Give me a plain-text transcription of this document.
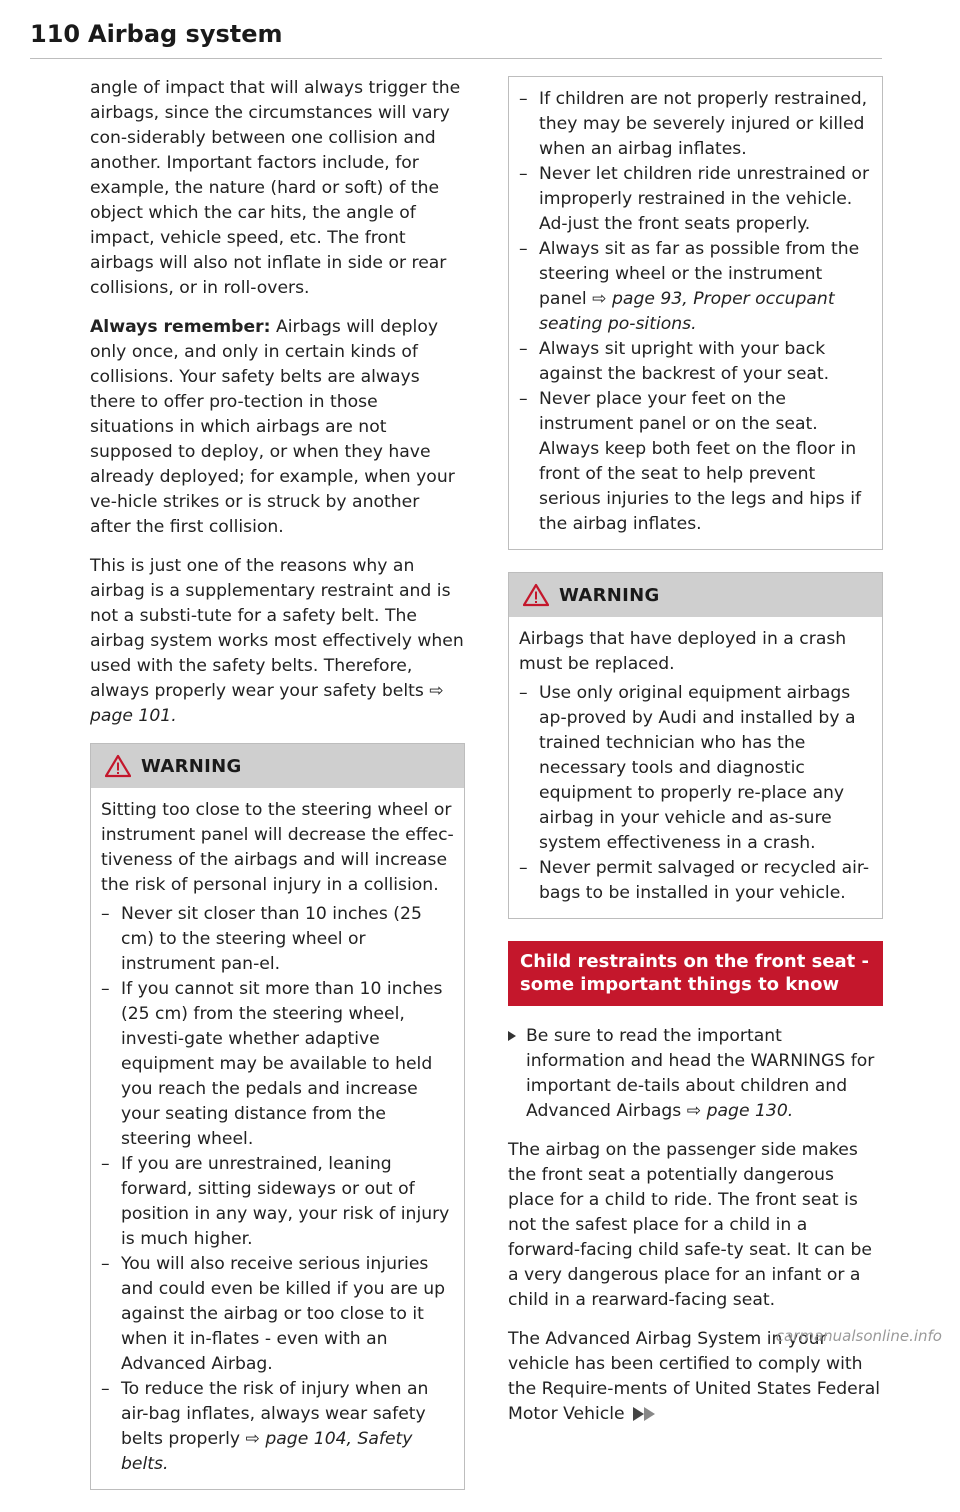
110 Airbag system

angle of impact that will always trigger the airbags, since the circumstances will vary con-siderably between one collision and another. Important factors include, for example, the nature (hard or soft) of the object which the car hits, the angle of impact, vehicle speed, etc. The front airbags will also not inflate in side or rear collisions, or in roll-overs.

Always remember: Airbags will deploy only once, and only in certain kinds of collisions. Your safety belts are always there to offer pro-tection in those situations in which airbags are not supposed to deploy, or when they have already deployed; for example, when your ve-hicle strikes or is struck by another after the first collision.

This is just one of the reasons why an airbag is a supplementary restraint and is not a substi-tute for a safety belt. The airbag system works most effectively when used with the safety belts. Therefore, always properly wear your safety belts ⇨ page 101.

WARNING

Sitting too close to the steering wheel or instrument panel will decrease the effec-tiveness of the airbags and will increase the risk of personal injury in a collision.

– Never sit closer than 10 inches (25 cm) to the steering wheel or instrument pan-el.
– If you cannot sit more than 10 inches (25 cm) from the steering wheel, investi-gate whether adaptive equipment may be available to held you reach the pedals and increase your seating distance from the steering wheel.
– If you are unrestrained, leaning forward, sitting sideways or out of position in any way, your risk of injury is much higher.
– You will also receive serious injuries and could even be killed if you are up against the airbag or too close to it when it in-flates - even with an Advanced Airbag.
– To reduce the risk of injury when an air-bag inflates, always wear safety belts properly ⇨ page 104, Safety belts.
– If children are not properly restrained, they may be severely injured or killed when an airbag inflates.
– Never let children ride unrestrained or improperly restrained in the vehicle. Ad-just the front seats properly.
– Always sit as far as possible from the steering wheel or the instrument panel ⇨ page 93, Proper occupant seating po-sitions.
– Always sit upright with your back against the backrest of your seat.
– Never place your feet on the instrument panel or on the seat. Always keep both feet on the floor in front of the seat to help prevent serious injuries to the legs and hips if the airbag inflates.
WARNING

Airbags that have deployed in a crash must be replaced.

– Use only original equipment airbags ap-proved by Audi and installed by a trained technician who has the necessary tools and diagnostic equipment to properly re-place any airbag in your vehicle and as-sure system effectiveness in a crash.
– Never permit salvaged or recycled air-bags to be installed in your vehicle.
Child restraints on the front seat - some important things to know

Be sure to read the important information and head the WARNINGS for important de-tails about children and Advanced Airbags ⇨ page 130.

The airbag on the passenger side makes the front seat a potentially dangerous place for a child to ride. The front seat is not the safest place for a child in a forward-facing child safe-ty seat. It can be a very dangerous place for an infant or a child in a rearward-facing seat.

The Advanced Airbag System in your vehicle has been certified to comply with the Require-ments of United States Federal Motor Vehicle

carmanualsonline.info
